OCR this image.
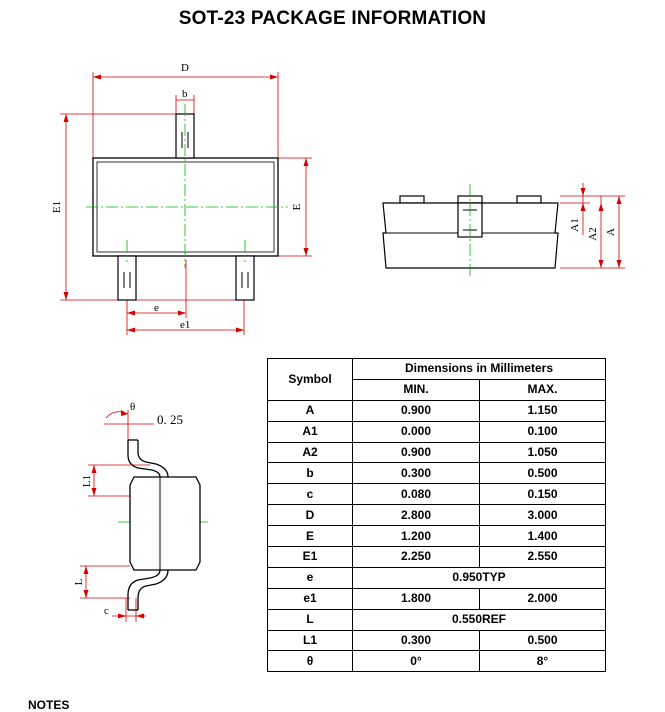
SOT-23 PACKAGE INFORMATION
D
b
E1	E
e
e1
A1
A2 A
θ
0. 25
L1
L
c
Symbol	Dimensions in Millimeters	
	MIN.	MAX.
A	0.900	1.150
A1	0.000	0.100
A2	0.900	1.050
b	0.300	0.500
c	0.080	0.150
D	2.800	3.000
E	1.200	1.400
E1	2.250	2.550
e	0.950TYP	
e1	1.800	2.000
L	0.550REF	
L1	0.300	0.500
θ	0°	8°
NOTES
